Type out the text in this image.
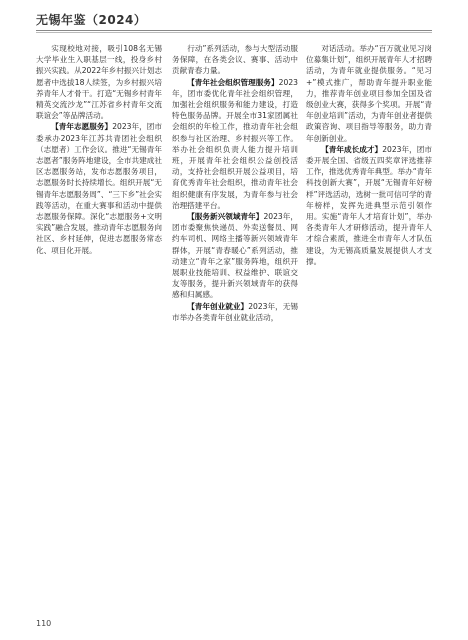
无锡年鉴（2024）

实现校地对接，吸引108名无锡大学毕业生入职基层一线，投身乡村振兴实践。从2022年乡村振兴计划志愿者中选拔18人续签，为乡村振兴培养青年人才骨干。打造“无锡乡村青年精英交流沙龙”“江苏省乡村青年交流联谊会”等品牌活动。

【青年志愿服务】2023年，团市委承办2023年江苏共青团社会组织（志愿者）工作会议。推进“无锡青年志愿者”服务阵地建设，全市共建成社区志愿服务站，发布志愿服务项目，志愿服务时长持续增长。组织开展“无锡青年志愿服务周”、“三下乡”社会实践等活动，在重大赛事和活动中提供志愿服务保障。深化“志愿服务+文明实践”融合发展，推动青年志愿服务向社区、乡村延伸，促进志愿服务常态化、项目化开展。

行动”系列活动，参与大型活动服务保障，在各类会议、赛事、活动中贡献青春力量。

【青年社会组织管理服务】2023年，团市委优化青年社会组织管理，加强社会组织服务和能力建设，打造特色服务品牌。开展全市31家团属社会组织的年检工作，推动青年社会组织参与社区治理、乡村振兴等工作。举办社会组织负责人能力提升培训班，开展青年社会组织公益创投活动，支持社会组织开展公益项目，培育优秀青年社会组织，推动青年社会组织健康有序发展，为青年参与社会治理搭建平台。

【服务新兴领域青年】2023年，团市委聚焦快递员、外卖送餐员、网约车司机、网络主播等新兴领域青年群体，开展“青春暖心”系列活动，推动建立“青年之家”服务阵地，组织开展职业技能培训、权益维护、联谊交友等服务，提升新兴领域青年的获得感和归属感。

【青年创业就业】2023年，无锡市举办各类青年创业就业活动，

对话活动。举办“百万就业见习岗位募集计划”，组织开展青年人才招聘活动，为青年就业提供服务。“见习+”模式推广，帮助青年提升职业能力，推荐青年创业项目参加全国及省级创业大赛，获得多个奖项。开展“青年创业培训”活动，为青年创业者提供政策咨询、项目指导等服务，助力青年创新创业。

【青年成长成才】2023年，团市委开展全国、省级五四奖章评选推荐工作，推选优秀青年典型。举办“青年科技创新大赛”，开展“无锡青年好榜样”评选活动，选树一批可信可学的青年榜样，发挥先进典型示范引领作用。实施“青年人才培育计划”，举办各类青年人才研修活动，提升青年人才综合素质，推进全市青年人才队伍建设，为无锡高质量发展提供人才支撑。

110
